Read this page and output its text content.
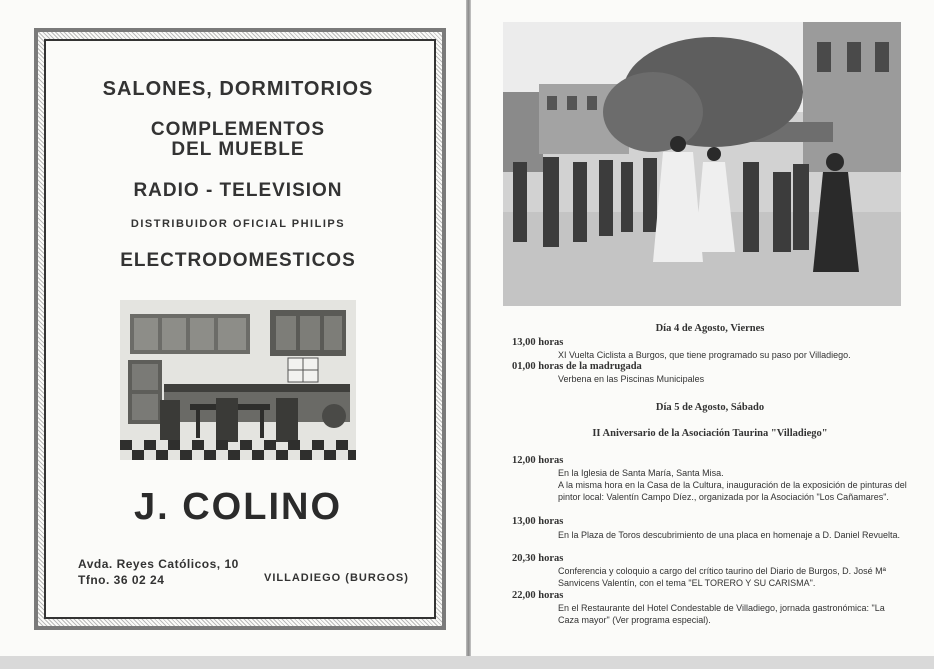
SALONES, DORMITORIOS
COMPLEMENTOS
DEL MUEBLE
RADIO - TELEVISION
DISTRIBUIDOR OFICIAL PHILIPS
ELECTRODOMESTICOS
J. COLINO
Avda. Reyes Católicos, 10
Tfno. 36 02 24	VILLADIEGO (BURGOS)
Día 4 de Agosto, Viernes
13,00 horas
XI Vuelta Ciclista a Burgos, que tiene programado su paso por Villadiego.
01,00 horas de la madrugada
Verbena en las Piscinas Municipales
Día 5 de Agosto, Sábado
II Aniversario de la Asociación Taurina "Villadiego"
12,00 horas
En la Iglesia de Santa María, Santa Misa.
A la misma hora en la Casa de la Cultura, inauguración de la exposición de pinturas del pintor local: Valentín Campo Díez., organizada por la Asociación "Los Cañamares".
13,00 horas
En la Plaza de Toros descubrimiento de una placa en homenaje a D. Daniel Revuelta.
20,30 horas
Conferencia y coloquio a cargo del crítico taurino del Diario de Burgos, D. José Mª Sanvicens Valentín, con el tema "EL TORERO Y SU CARISMA".
22,00 horas
En el Restaurante del Hotel Condestable de Villadiego, jornada gastronómica: "La Caza mayor" (Ver programa especial).
